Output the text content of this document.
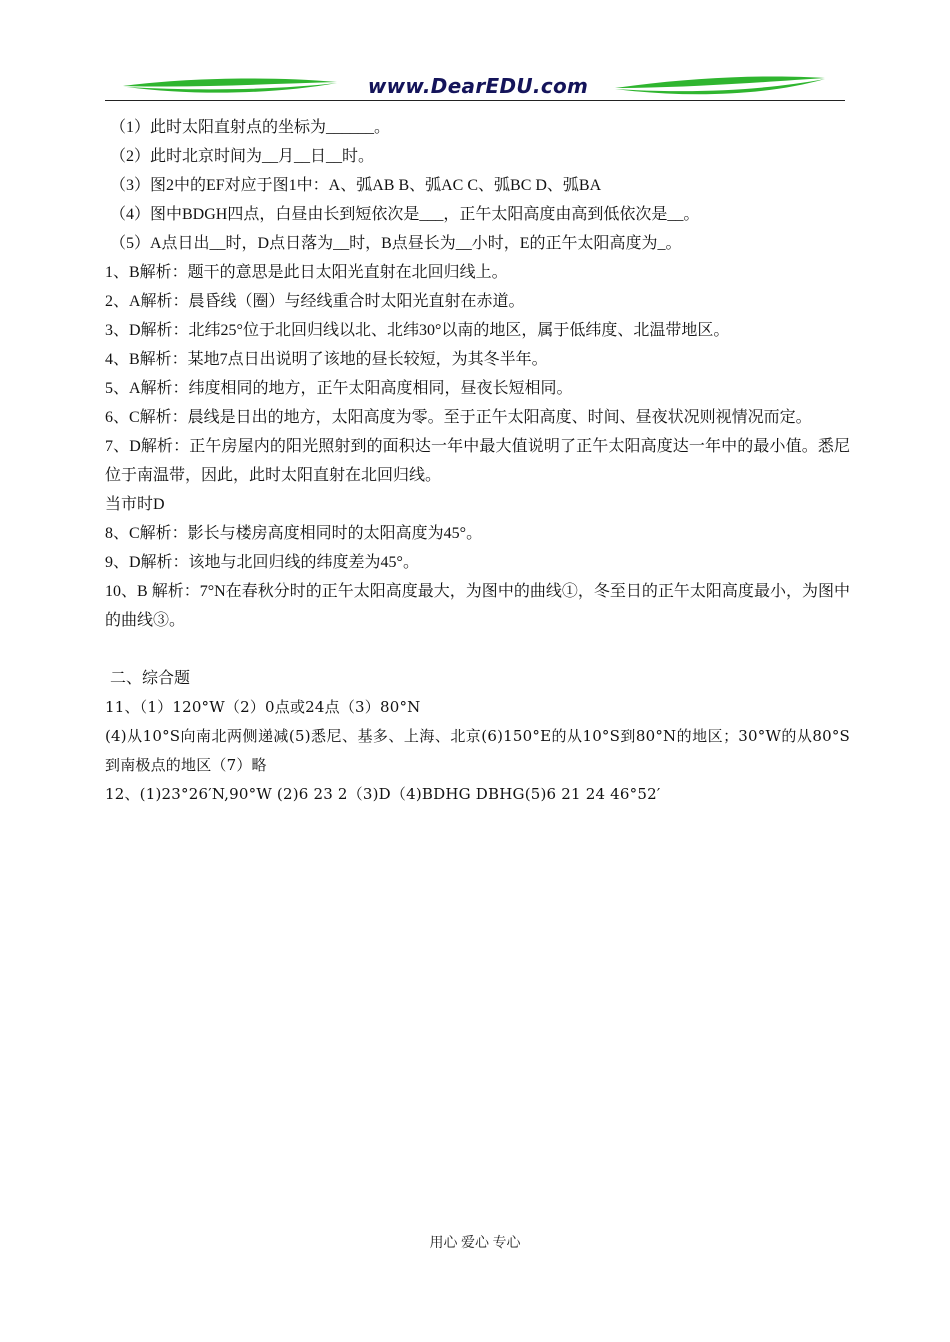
www.DearEDU.com
（1）此时太阳直射点的坐标为______。
（2）此时北京时间为__月__日__时。
（3）图2中的EF对应于图1中：A、弧AB B、弧AC C、弧BC D、弧BA
（4）图中BDGH四点，白昼由长到短依次是___，正午太阳高度由高到低依次是__。
（5）A点日出__时，D点日落为__时，B点昼长为__小时，E的正午太阳高度为_。
1、B解析：题干的意思是此日太阳光直射在北回归线上。
2、A解析：晨昏线（圈）与经线重合时太阳光直射在赤道。
3、D解析：北纬25°位于北回归线以北、北纬30°以南的地区，属于低纬度、北温带地区。
4、B解析：某地7点日出说明了该地的昼长较短，为其冬半年。
5、A解析：纬度相同的地方，正午太阳高度相同，昼夜长短相同。
6、C解析：晨线是日出的地方，太阳高度为零。至于正午太阳高度、时间、昼夜状况则视情况而定。
7、D解析：正午房屋内的阳光照射到的面积达一年中最大值说明了正午太阳高度达一年中的最小值。悉尼位于南温带，因此，此时太阳直射在北回归线。
当市时D
8、C解析：影长与楼房高度相同时的太阳高度为45°。
9、D解析：该地与北回归线的纬度差为45°。
10、B 解析：7°N在春秋分时的正午太阳高度最大，为图中的曲线①，冬至日的正午太阳高度最小，为图中的曲线③。
二、综合题
11、（1）120°W（2）0点或24点（3）80°N
(4)从10°S向南北两侧递减(5)悉尼、基多、上海、北京(6)150°E的从10°S到80°N的地区；30°W的从80°S到南极点的地区（7）略
12、(1)23°26′N,90°W (2)6 23 2（3)D（4)BDHG DBHG(5)6 21 24 46°52′
用心 爱心 专心
